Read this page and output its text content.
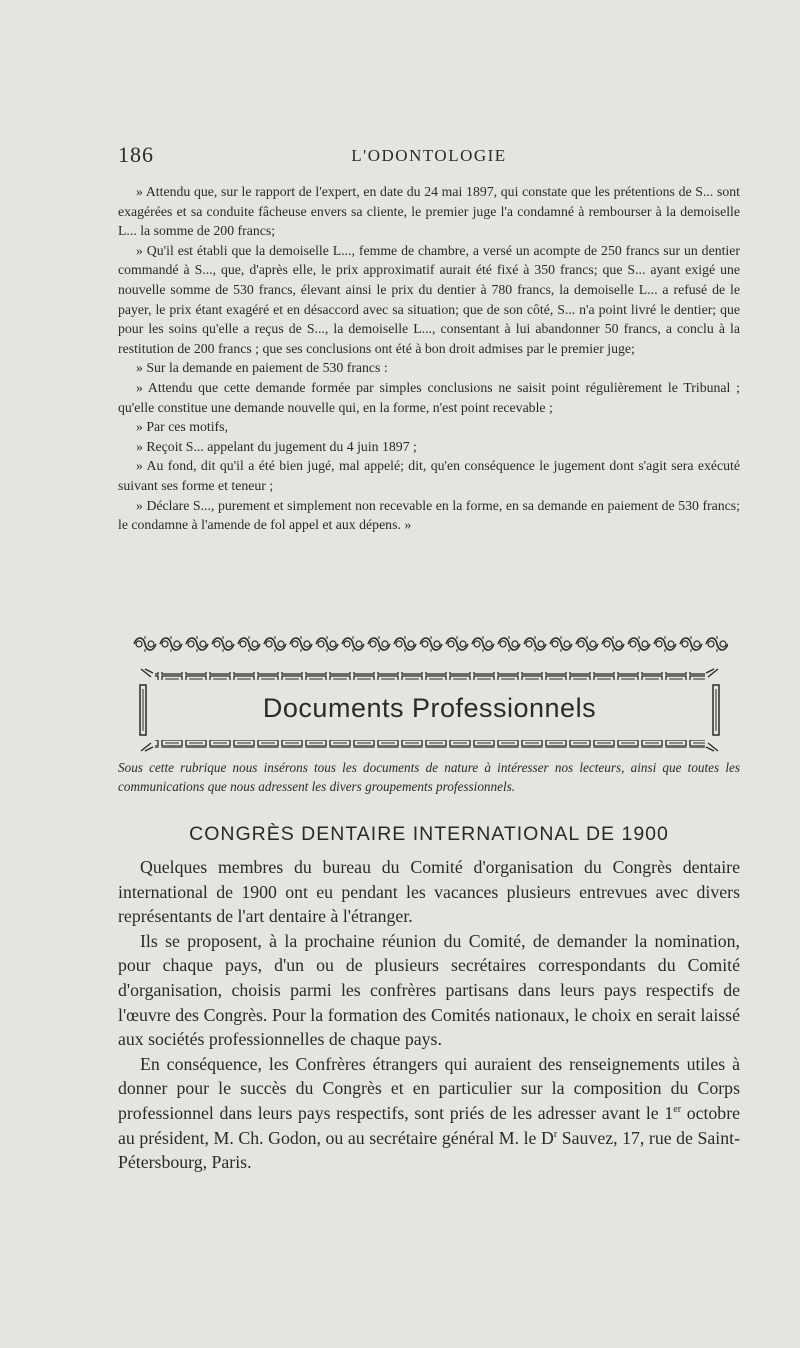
186	L'ODONTOLOGIE

» Attendu que, sur le rapport de l'expert, en date du 24 mai 1897, qui constate que les prétentions de S... sont exagérées et sa conduite fâcheuse envers sa cliente, le premier juge l'a condamné à rembourser à la demoiselle L... la somme de 200 francs;

» Qu'il est établi que la demoiselle L..., femme de chambre, a versé un acompte de 250 francs sur un dentier commandé à S..., que, d'après elle, le prix approximatif aurait été fixé à 350 francs; que S... ayant exigé une nouvelle somme de 530 francs, élevant ainsi le prix du dentier à 780 francs, la demoiselle L... a refusé de le payer, le prix étant exagéré et en désaccord avec sa situation; que de son côté, S... n'a point livré le dentier; que pour les soins qu'elle a reçus de S..., la demoiselle L..., consentant à lui abandonner 50 francs, a conclu à la restitution de 200 francs ; que ses conclusions ont été à bon droit admises par le premier juge;

» Sur la demande en paiement de 530 francs :

» Attendu que cette demande formée par simples conclusions ne saisit point régulièrement le Tribunal ; qu'elle constitue une demande nouvelle qui, en la forme, n'est point recevable ;

» Par ces motifs,

» Reçoit S... appelant du jugement du 4 juin 1897 ;

» Au fond, dit qu'il a été bien jugé, mal appelé; dit, qu'en conséquence le jugement dont s'agit sera exécuté suivant ses forme et teneur ;

» Déclare S..., purement et simplement non recevable en la forme, en sa demande en paiement de 530 francs; le condamne à l'amende de fol appel et aux dépens. »

Documents Professionnels

Sous cette rubrique nous insérons tous les documents de nature à intéresser nos lecteurs, ainsi que toutes les communications que nous adressent les divers groupements professionnels.

CONGRÈS DENTAIRE INTERNATIONAL DE 1900

Quelques membres du bureau du Comité d'organisation du Congrès dentaire international de 1900 ont eu pendant les vacances plusieurs entrevues avec divers représentants de l'art dentaire à l'étranger.

Ils se proposent, à la prochaine réunion du Comité, de demander la nomination, pour chaque pays, d'un ou de plusieurs secrétaires correspondants du Comité d'organisation, choisis parmi les confrères partisans dans leurs pays respectifs de l'œuvre des Congrès. Pour la formation des Comités nationaux, le choix en serait laissé aux sociétés professionnelles de chaque pays.

En conséquence, les Confrères étrangers qui auraient des renseignements utiles à donner pour le succès du Congrès et en particulier sur la composition du Corps professionnel dans leurs pays respectifs, sont priés de les adresser avant le 1er octobre au président, M. Ch. Godon, ou au secrétaire général M. le $D^r$ Sauvez, 17, rue de Saint-Pétersbourg, Paris.
